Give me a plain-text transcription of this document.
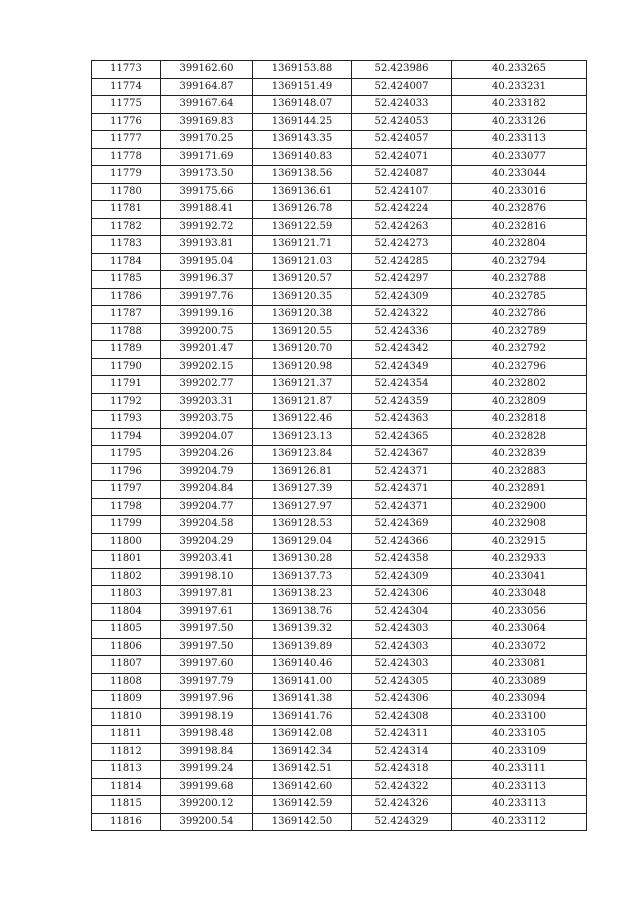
11773	399162.60	1369153.88	52.423986	40.233265
11774	399164.87	1369151.49	52.424007	40.233231
11775	399167.64	1369148.07	52.424033	40.233182
11776	399169.83	1369144.25	52.424053	40.233126
11777	399170.25	1369143.35	52.424057	40.233113
11778	399171.69	1369140.83	52.424071	40.233077
11779	399173.50	1369138.56	52.424087	40.233044
11780	399175.66	1369136.61	52.424107	40.233016
11781	399188.41	1369126.78	52.424224	40.232876
11782	399192.72	1369122.59	52.424263	40.232816
11783	399193.81	1369121.71	52.424273	40.232804
11784	399195.04	1369121.03	52.424285	40.232794
11785	399196.37	1369120.57	52.424297	40.232788
11786	399197.76	1369120.35	52.424309	40.232785
11787	399199.16	1369120.38	52.424322	40.232786
11788	399200.75	1369120.55	52.424336	40.232789
11789	399201.47	1369120.70	52.424342	40.232792
11790	399202.15	1369120.98	52.424349	40.232796
11791	399202.77	1369121.37	52.424354	40.232802
11792	399203.31	1369121.87	52.424359	40.232809
11793	399203.75	1369122.46	52.424363	40.232818
11794	399204.07	1369123.13	52.424365	40.232828
11795	399204.26	1369123.84	52.424367	40.232839
11796	399204.79	1369126.81	52.424371	40.232883
11797	399204.84	1369127.39	52.424371	40.232891
11798	399204.77	1369127.97	52.424371	40.232900
11799	399204.58	1369128.53	52.424369	40.232908
11800	399204.29	1369129.04	52.424366	40.232915
11801	399203.41	1369130.28	52.424358	40.232933
11802	399198.10	1369137.73	52.424309	40.233041
11803	399197.81	1369138.23	52.424306	40.233048
11804	399197.61	1369138.76	52.424304	40.233056
11805	399197.50	1369139.32	52.424303	40.233064
11806	399197.50	1369139.89	52.424303	40.233072
11807	399197.60	1369140.46	52.424303	40.233081
11808	399197.79	1369141.00	52.424305	40.233089
11809	399197.96	1369141.38	52.424306	40.233094
11810	399198.19	1369141.76	52.424308	40.233100
11811	399198.48	1369142.08	52.424311	40.233105
11812	399198.84	1369142.34	52.424314	40.233109
11813	399199.24	1369142.51	52.424318	40.233111
11814	399199.68	1369142.60	52.424322	40.233113
11815	399200.12	1369142.59	52.424326	40.233113
11816	399200.54	1369142.50	52.424329	40.233112
